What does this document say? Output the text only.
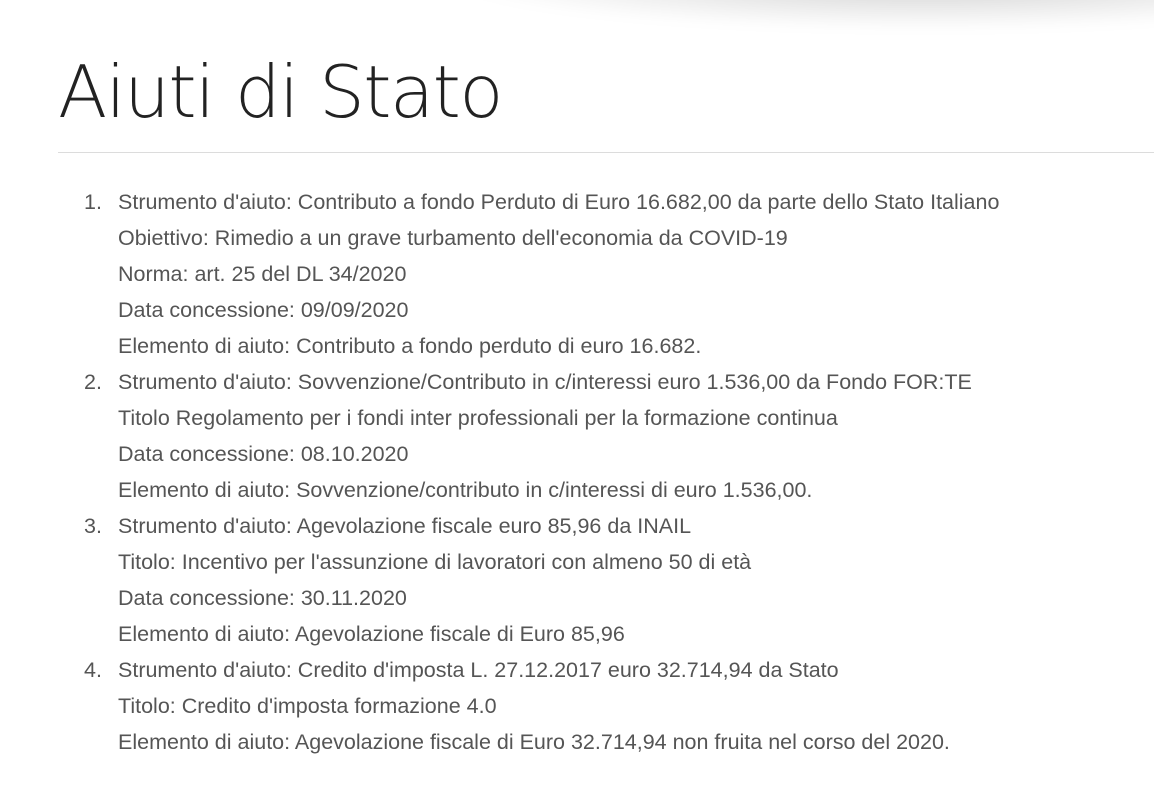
Aiuti di Stato
1. Strumento d'aiuto: Contributo a fondo Perduto di Euro 16.682,00 da parte dello Stato Italiano
Obiettivo: Rimedio a un grave turbamento dell'economia da COVID-19
Norma: art. 25 del DL 34/2020
Data concessione: 09/09/2020
Elemento di aiuto: Contributo a fondo perduto di euro 16.682.
2. Strumento d'aiuto: Sovvenzione/Contributo in c/interessi euro 1.536,00 da Fondo FOR:TE
Titolo Regolamento per i fondi inter professionali per la formazione continua
Data concessione: 08.10.2020
Elemento di aiuto: Sovvenzione/contributo in c/interessi di euro 1.536,00.
3. Strumento d'aiuto: Agevolazione fiscale euro 85,96 da INAIL
Titolo: Incentivo per l'assunzione di lavoratori con almeno 50 di età
Data concessione: 30.11.2020
Elemento di aiuto: Agevolazione fiscale di Euro 85,96
4. Strumento d'aiuto: Credito d'imposta L. 27.12.2017 euro 32.714,94 da Stato
Titolo: Credito d'imposta formazione 4.0
Elemento di aiuto: Agevolazione fiscale di Euro 32.714,94 non fruita nel corso del 2020.
